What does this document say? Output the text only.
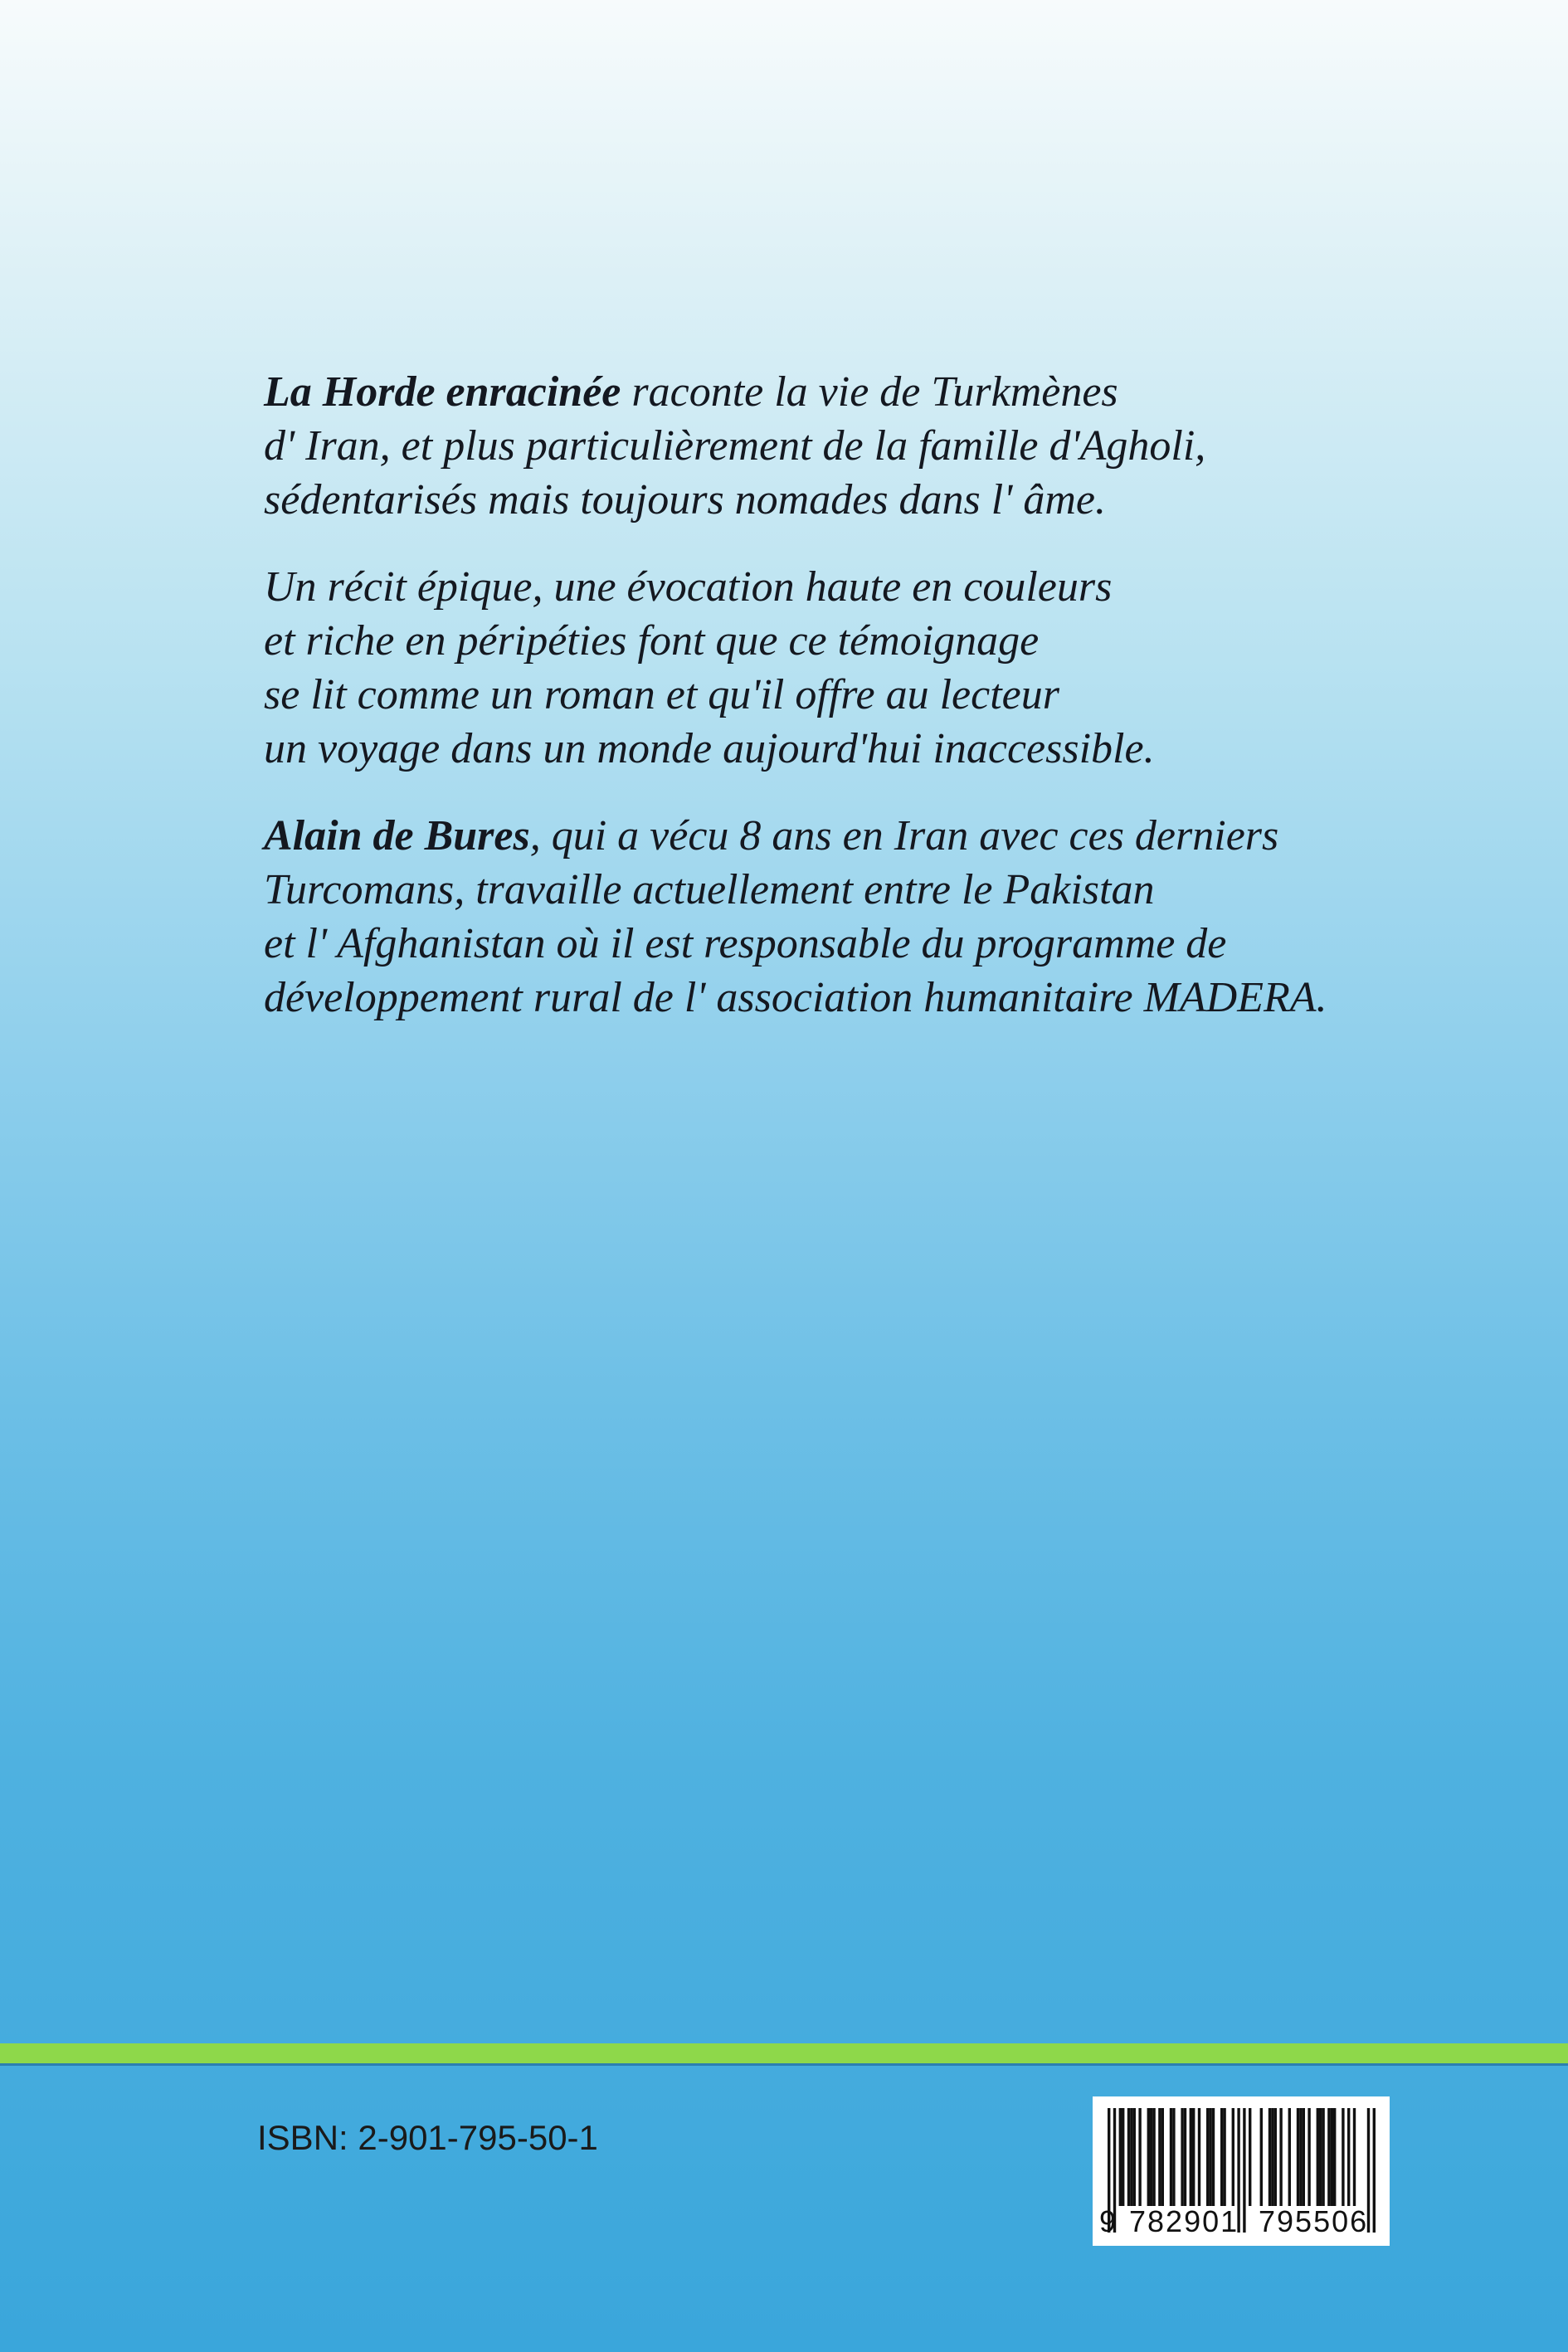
La Horde enracinée raconte la vie de Turkmènes
d' Iran, et plus particulièrement de la famille d'Agholi,
sédentarisés mais toujours nomades dans l' âme.

Un récit épique, une évocation haute en couleurs
et riche en péripéties font que ce témoignage
se lit comme un roman et qu'il offre au lecteur
un voyage dans un monde aujourd'hui inaccessible.

Alain de Bures, qui a vécu 8 ans en Iran avec ces derniers
Turcomans, travaille actuellement entre le Pakistan
et l' Afghanistan où il est responsable du programme de
développement rural de l' association humanitaire MADERA.

ISBN: 2-901-795-50-1
9 782901 795506
